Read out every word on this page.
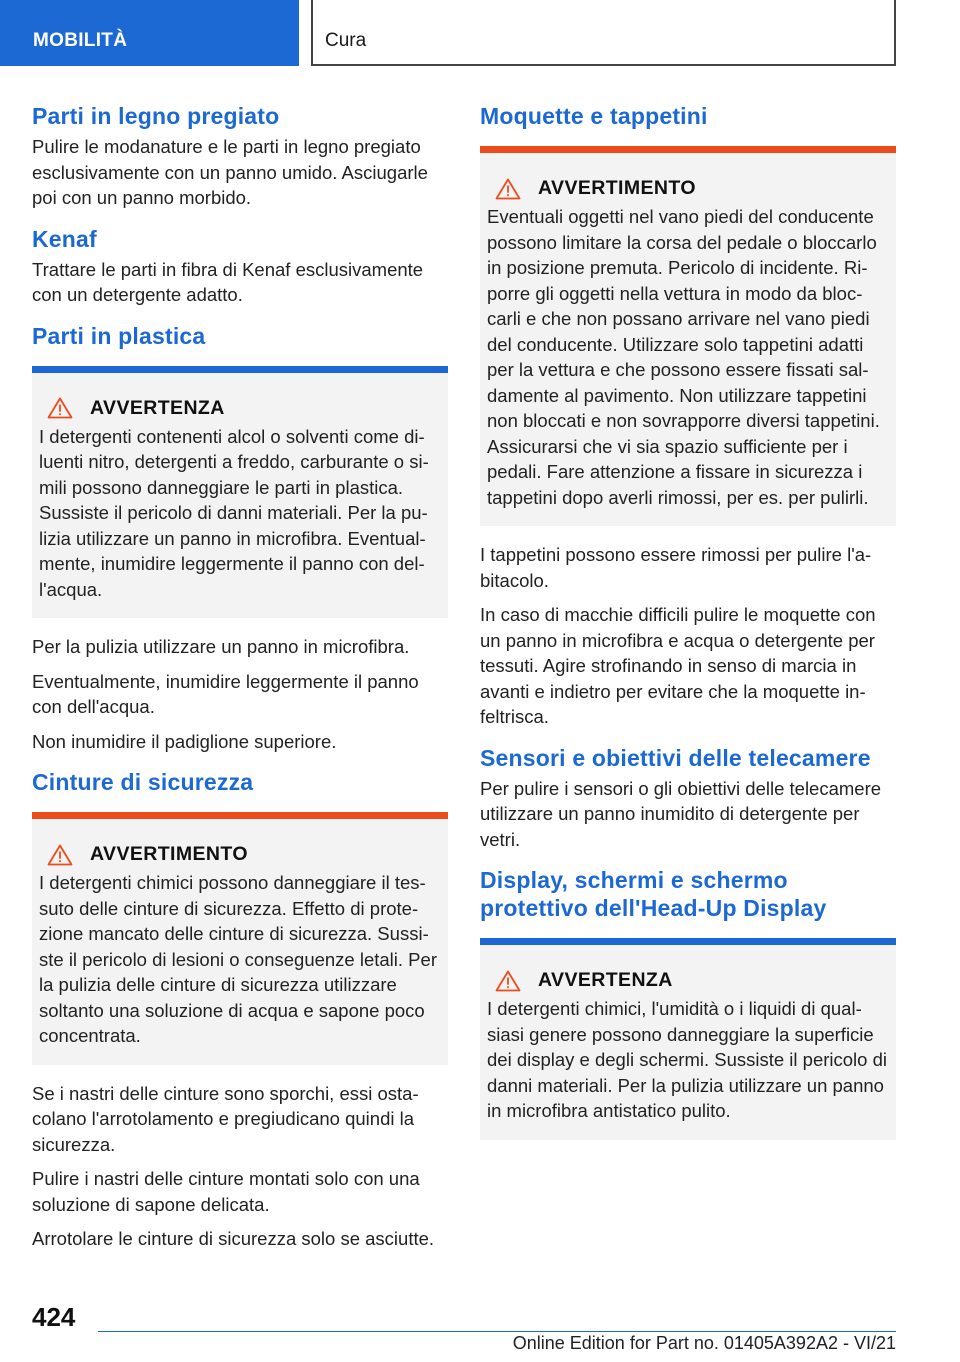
MOBILITÀ	Cura
Parti in legno pregiato

Pulire le modanature e le parti in legno pregiato esclusivamente con un panno umido. Asciugarle poi con un panno morbido.

Kenaf

Trattare le parti in fibra di Kenaf esclusivamente con un detergente adatto.

Parti in plastica
AVVERTENZA

I detergenti contenenti alcol o solventi come diluenti nitro, detergenti a freddo, carburante o simili possono danneggiare le parti in plastica. Sussiste il pericolo di danni materiali. Per la pulizia utilizzare un panno in microfibra. Eventualmente, inumidire leggermente il panno con dell'acqua.

Per la pulizia utilizzare un panno in microfibra.

Eventualmente, inumidire leggermente il panno con dell'acqua.

Non inumidire il padiglione superiore.

Cinture di sicurezza
AVVERTIMENTO

I detergenti chimici possono danneggiare il tessuto delle cinture di sicurezza. Effetto di protezione mancato delle cinture di sicurezza. Sussiste il pericolo di lesioni o conseguenze letali. Per la pulizia delle cinture di sicurezza utilizzare soltanto una soluzione di acqua e sapone poco concentrata.

Se i nastri delle cinture sono sporchi, essi ostacolano l'arrotolamento e pregiudicano quindi la sicurezza.

Pulire i nastri delle cinture montati solo con una soluzione di sapone delicata.

Arrotolare le cinture di sicurezza solo se asciutte.

Moquette e tappetini
AVVERTIMENTO

Eventuali oggetti nel vano piedi del conducente possono limitare la corsa del pedale o bloccarlo in posizione premuta. Pericolo di incidente. Riporre gli oggetti nella vettura in modo da bloccarli e che non possano arrivare nel vano piedi del conducente. Utilizzare solo tappetini adatti per la vettura e che possono essere fissati saldamente al pavimento. Non utilizzare tappetini non bloccati e non sovrapporre diversi tappetini. Assicurarsi che vi sia spazio sufficiente per i pedali. Fare attenzione a fissare in sicurezza i tappetini dopo averli rimossi, per es. per pulirli.

I tappetini possono essere rimossi per pulire l'abitacolo.

In caso di macchie difficili pulire le moquette con un panno in microfibra e acqua o detergente per tessuti. Agire strofinando in senso di marcia in avanti e indietro per evitare che la moquette infeltrisca.

Sensori e obiettivi delle telecamere

Per pulire i sensori o gli obiettivi delle telecamere utilizzare un panno inumidito di detergente per vetri.

Display, schermi e schermo protettivo dell'Head-Up Display
AVVERTENZA

I detergenti chimici, l'umidità o i liquidi di qualsiasi genere possono danneggiare la superficie dei display e degli schermi. Sussiste il pericolo di danni materiali. Per la pulizia utilizzare un panno in microfibra antistatico pulito.

424
Online Edition for Part no. 01405A392A2 - VI/21
